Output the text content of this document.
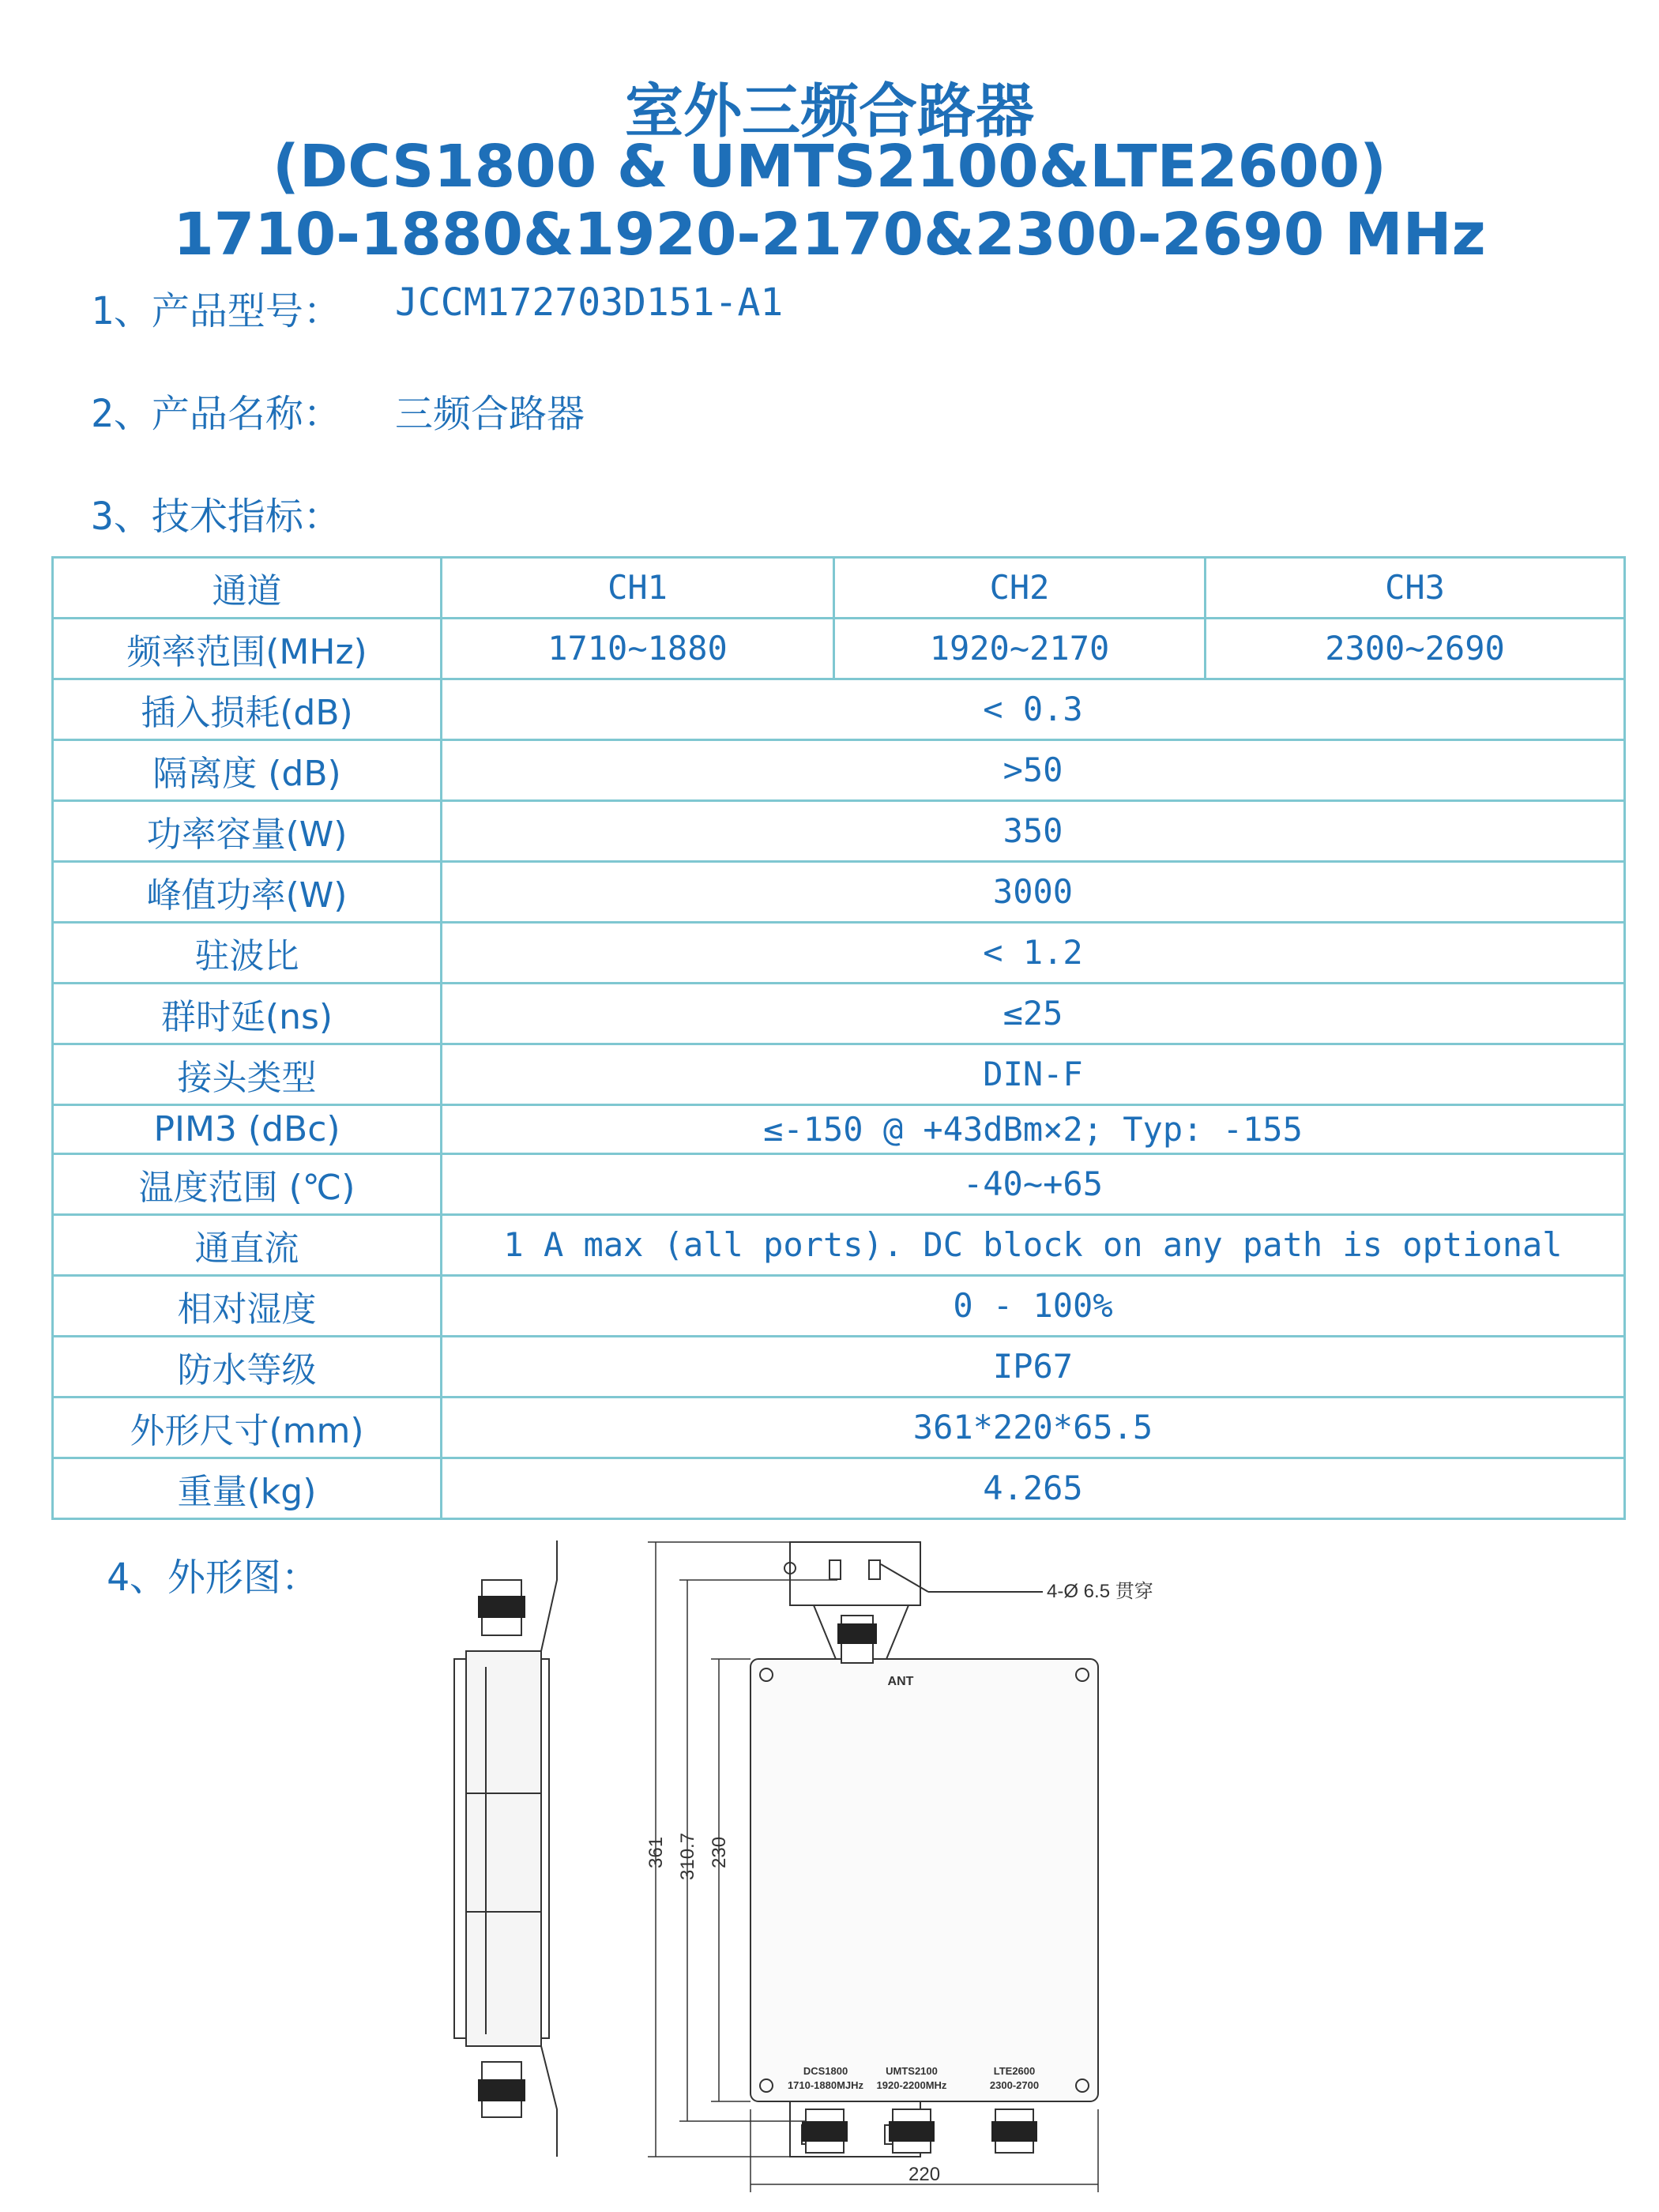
室外三频合路器
(DCS1800 & UMTS2100&LTE2600)
1710-1880&1920-2170&2300-2690 MHz
1、产品型号： JCCM172703D151-A1
2、产品名称： 三频合路器
3、技术指标：
通道	CH1	CH2	CH3
频率范围(MHz)	1710~1880	1920~2170	2300~2690
插入损耗(dB)	< 0.3		
隔离度 (dB)	>50		
功率容量(W)	350		
峰值功率(W)	3000		
驻波比	< 1.2		
群时延(ns)	≤25		
接头类型	DIN-F		
PIM3 (dBc)	≤-150 @ +43dBm×2; Typ: -155		
温度范围 (℃)	-40~+65		
通直流	1 A max (all ports). DC block on any path is optional		
相对湿度	0 - 100%		
防水等级	IP67		
外形尺寸(mm)	361*220*65.5		
重量(kg)	4.265		
4、外形图：
361 310.7 230
220
4-Ø 6.5 贯穿
ANT
DCS1800
1710-1880MJHz
UMTS2100
1920-2200MHz
LTE2600
2300-2700
